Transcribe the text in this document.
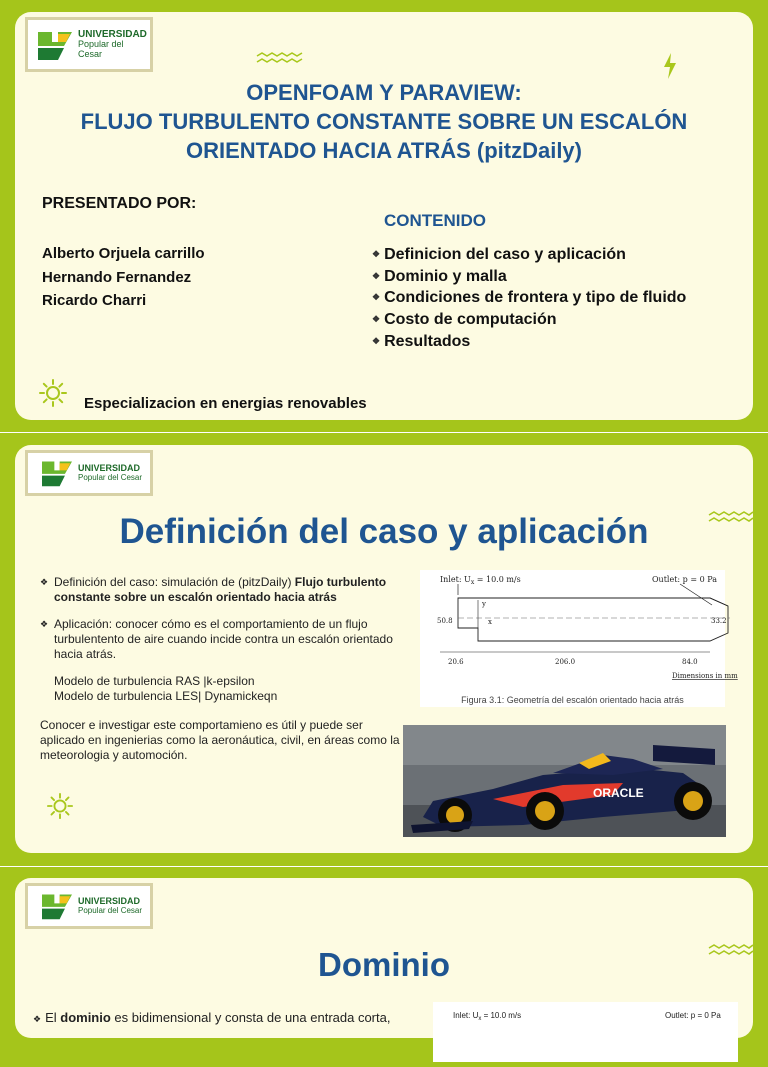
UNIVERSIDAD
Popular del Cesar
OPENFOAM Y PARAVIEW:
FLUJO TURBULENTO CONSTANTE SOBRE UN ESCALÓN
ORIENTADO HACIA ATRÁS (pitzDaily)
PRESENTADO POR:
Alberto Orjuela carrillo
Hernando Fernandez
Ricardo Charri
CONTENIDO
❖ Definicion del caso y aplicación
❖ Dominio y malla
❖ Condiciones de frontera y tipo de fluido
❖ Costo de computación
❖ Resultados
Especializacion en energias renovables
UNIVERSIDAD
Popular del Cesar
Definición del caso y aplicación
❖ Definición del caso: simulación de (pitzDaily) Flujo turbulento constante sobre un escalón orientado hacia atrás
❖ Aplicación: conocer cómo es el comportamiento de un flujo turbulentento de aire cuando incide contra un escalón orientado hacia atrás.
Modelo de turbulencia RAS |k-epsilon
Modelo de turbulencia LES| Dynamickeqn
Conocer e investigar este comportamieno es útil y puede ser aplicado en ingenierias como la aeronáutica, civil, en áreas como la meteorologia y automoción.
Inlet: $U_x = 10.0$ m/s	Outlet: p = 0 Pa
y
x
50.8	33.2
20.6	206.0	84.0
Dimensions in mm
Figura 3.1: Geometría del escalón orientado hacia atrás
ORACLE
UNIVERSIDAD
Popular del Cesar
Dominio
❖ El dominio es bidimensional y consta de una entrada corta,	Inlet: $U_x = 10.0$ m/s	Outlet: p = 0 Pa
